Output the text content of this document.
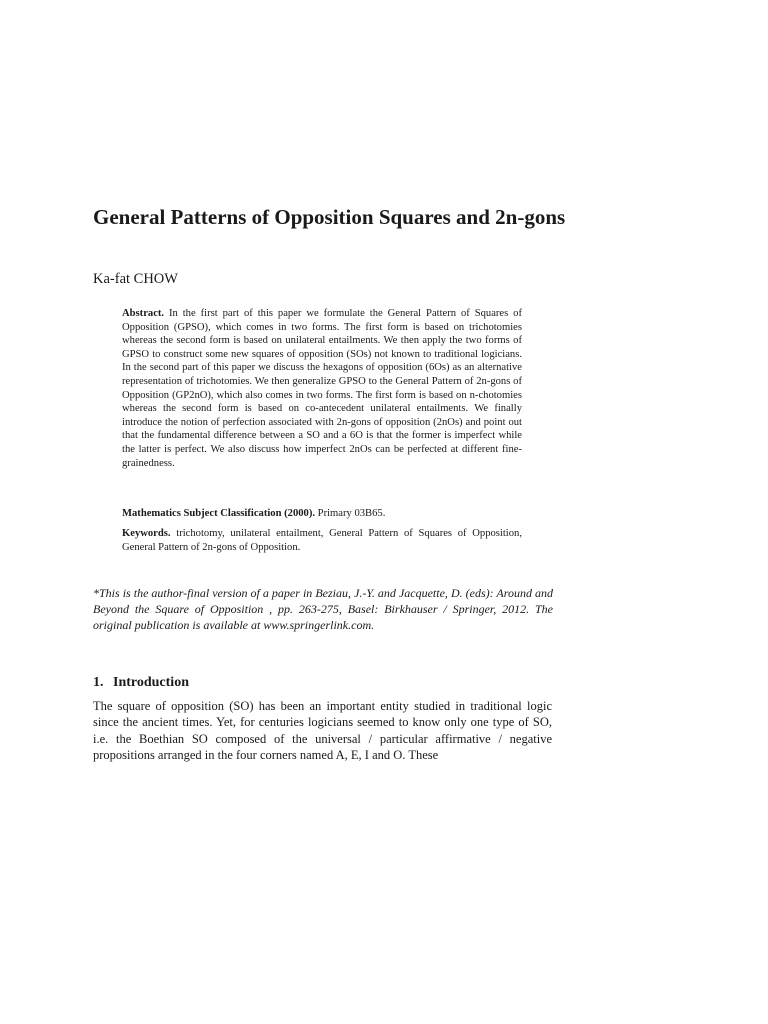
General Patterns of Opposition Squares and 2n-gons
Ka-fat CHOW
Abstract. In the first part of this paper we formulate the General Pattern of Squares of Opposition (GPSO), which comes in two forms. The first form is based on trichotomies whereas the second form is based on unilateral entailments. We then apply the two forms of GPSO to construct some new squares of opposition (SOs) not known to traditional logicians. In the second part of this paper we discuss the hexagons of opposition (6Os) as an alternative representation of trichotomies. We then generalize GPSO to the General Pattern of 2n-gons of Opposition (GP2nO), which also comes in two forms. The first form is based on n-chotomies whereas the second form is based on co-antecedent unilateral entailments. We finally introduce the notion of perfection associated with 2n-gons of opposition (2nOs) and point out that the fundamental difference between a SO and a 6O is that the former is imperfect while the latter is perfect. We also discuss how imperfect 2nOs can be perfected at different fine-grainedness.
Mathematics Subject Classification (2000). Primary 03B65.
Keywords. trichotomy, unilateral entailment, General Pattern of Squares of Opposition, General Pattern of 2n-gons of Opposition.
*This is the author-final version of a paper in Beziau, J.-Y. and Jacquette, D. (eds): Around and Beyond the Square of Opposition , pp. 263-275, Basel: Birkhauser / Springer, 2012. The original publication is available at www.springerlink.com.
1. Introduction
The square of opposition (SO) has been an important entity studied in traditional logic since the ancient times. Yet, for centuries logicians seemed to know only one type of SO, i.e. the Boethian SO composed of the universal / particular affirmative / negative propositions arranged in the four corners named A, E, I and O. These
